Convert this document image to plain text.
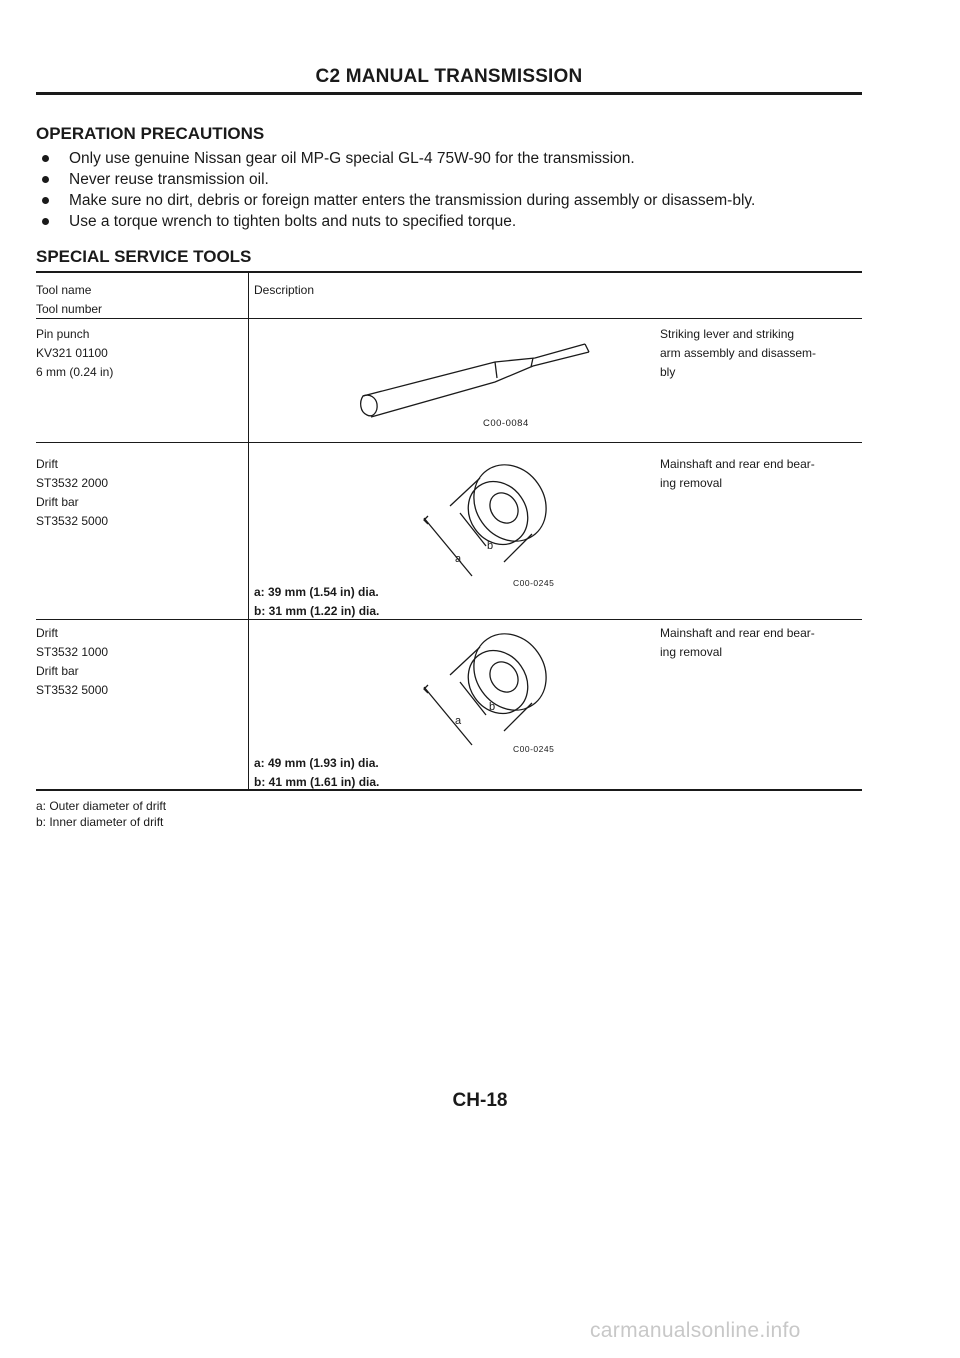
C2 MANUAL TRANSMISSION
OPERATION PRECAUTIONS
Only use genuine Nissan gear oil MP-G special GL-4 75W-90 for the transmission.
Never reuse transmission oil.
Make sure no dirt, debris or foreign matter enters the transmission during assembly or disassem-bly.
Use a torque wrench to tighten bolts and nuts to specified torque.
SPECIAL SERVICE TOOLS
Tool name
Tool number
Description
Pin punch
KV321 01100
6 mm (0.24 in)
C00-0084
Striking lever and striking
arm assembly and disassem-
bly
Drift
ST3532 2000
Drift bar
ST3532 5000
b
a
C00-0245
a: 39 mm (1.54 in) dia.
b: 31 mm (1.22 in) dia.
Mainshaft and rear end bear-
ing removal
Drift
ST3532 1000
Drift bar
ST3532 5000
b
a
C00-0245
a: 49 mm (1.93 in) dia.
b: 41 mm (1.61 in) dia.
Mainshaft and rear end bear-
ing removal
a: Outer diameter of drift
b: Inner diameter of drift
CH-18
carmanualsonline.info
